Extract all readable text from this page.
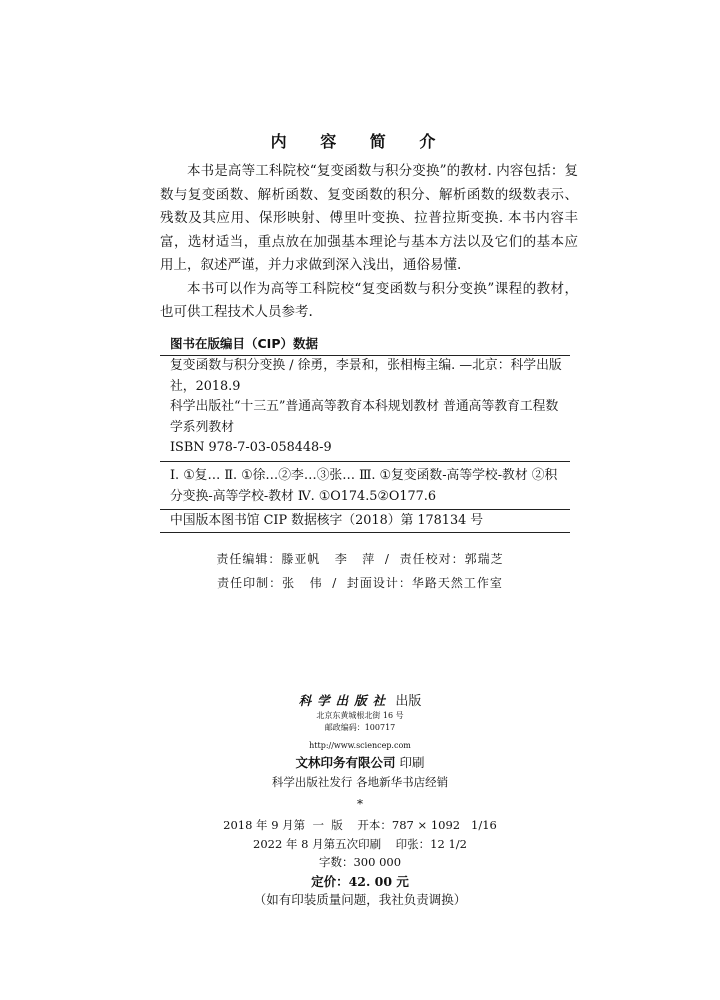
内 容 简 介

本书是高等工科院校“复变函数与积分变换”的教材. 内容包括：复数与复变函数、解析函数、复变函数的积分、解析函数的级数表示、残数及其应用、保形映射、傅里叶变换、拉普拉斯变换. 本书内容丰富，选材适当，重点放在加强基本理论与基本方法以及它们的基本应用上，叙述严谨，并力求做到深入浅出，通俗易懂.

本书可以作为高等工科院校“复变函数与积分变换”课程的教材，也可供工程技术人员参考.

图书在版编目（CIP）数据
复变函数与积分变换 / 徐勇，李景和，张相梅主编. —北京：科学出版社，2018.9
科学出版社“十三五”普通高等教育本科规划教材 普通高等教育工程数学系列教材
ISBN 978-7-03-058448-9
Ⅰ. ①复… Ⅱ. ①徐…②李…③张… Ⅲ. ①复变函数-高等学校-教材 ②积分变换-高等学校-教材 Ⅳ. ①O174.5②O177.6
中国版本图书馆 CIP 数据核字（2018）第 178134 号
责任编辑：滕亚帆   李   萍  /  责任校对：郭瑞芝
责任印制：张   伟  /  封面设计：华路天然工作室
科学出版社 出版
北京东黄城根北街 16 号
邮政编码：100717
http://www.sciencep.com
文林印务有限公司 印刷
科学出版社发行 各地新华书店经销
*
2018 年 9 月第  一  版    开本：787 × 1092   1/16
2022 年 8 月第五次印刷    印张：12 1/2
字数：300 000
定价：42. 00 元
（如有印装质量问题，我社负责调换）
